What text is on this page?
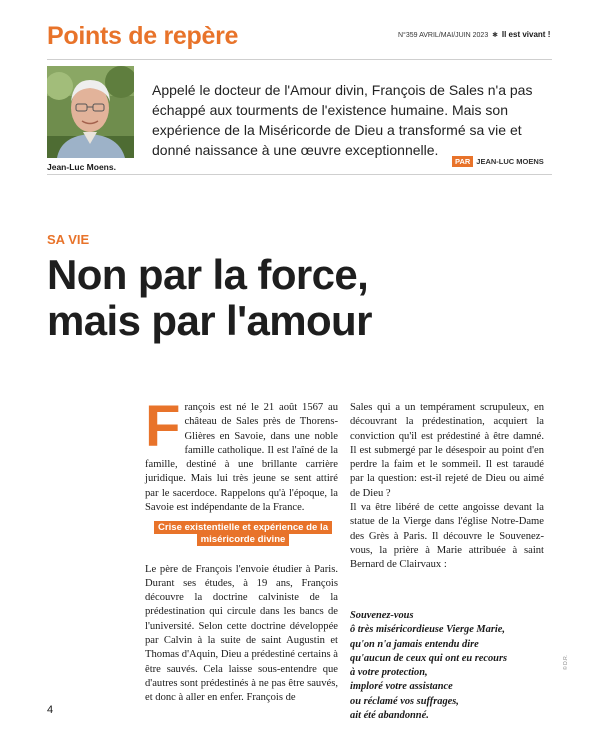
Points de repère	N°359 AVRIL/MAI/JUIN 2023  ✱  Il est vivant !
Jean-Luc Moens.

Appelé le docteur de l'Amour divin, François de Sales n'a pas échappé aux tourments de l'existence humaine. Mais son expérience de la Miséricorde de Dieu a transformé sa vie et donné naissance à une œuvre exceptionnelle.

PAR JEAN-LUC MOENS
SA VIE
Non par la force,
mais par l'amour
F rançois est né le 21 août 1567 au château de Sales près de Thorens-Glières en Savoie, dans une noble famille catholique. Il est l'aîné de la famille, destiné à une brillante carrière juridique. Mais lui très jeune se sent attiré par le sacerdoce. Rappelons qu'à l'époque, la Savoie est indépendante de la France.

Crise existentielle et expérience de la miséricorde divine

Le père de François l'envoie étudier à Paris. Durant ses études, à 19 ans, François découvre la doctrine calviniste de la prédestination qui circule dans les bancs de l'université. Selon cette doctrine développée par Calvin à la suite de saint Augustin et Thomas d'Aquin, Dieu a prédestiné certains à être sauvés. Cela laisse sous-entendre que d'autres sont prédestinés à ne pas être sauvés, et donc à aller en enfer. François de

Sales qui a un tempérament scrupuleux, en découvrant la prédestination, acquiert la conviction qu'il est prédestiné à être damné. Il est submergé par le désespoir au point d'en perdre la faim et le sommeil. Il est taraudé par la question: est-il rejeté de Dieu ou aimé de Dieu ?

Il va être libéré de cette angoisse devant la statue de la Vierge dans l'église Notre-Dame des Grès à Paris. Il découvre le Souvenez-vous, la prière à Marie attribuée à saint Bernard de Clairvaux :

Souvenez-vous
ô très miséricordieuse Vierge Marie,
qu'on n'a jamais entendu dire
qu'aucun de ceux qui ont eu recours
à votre protection,
imploré votre assistance
ou réclamé vos suffrages,
ait été abandonné.
4
© D.R.
